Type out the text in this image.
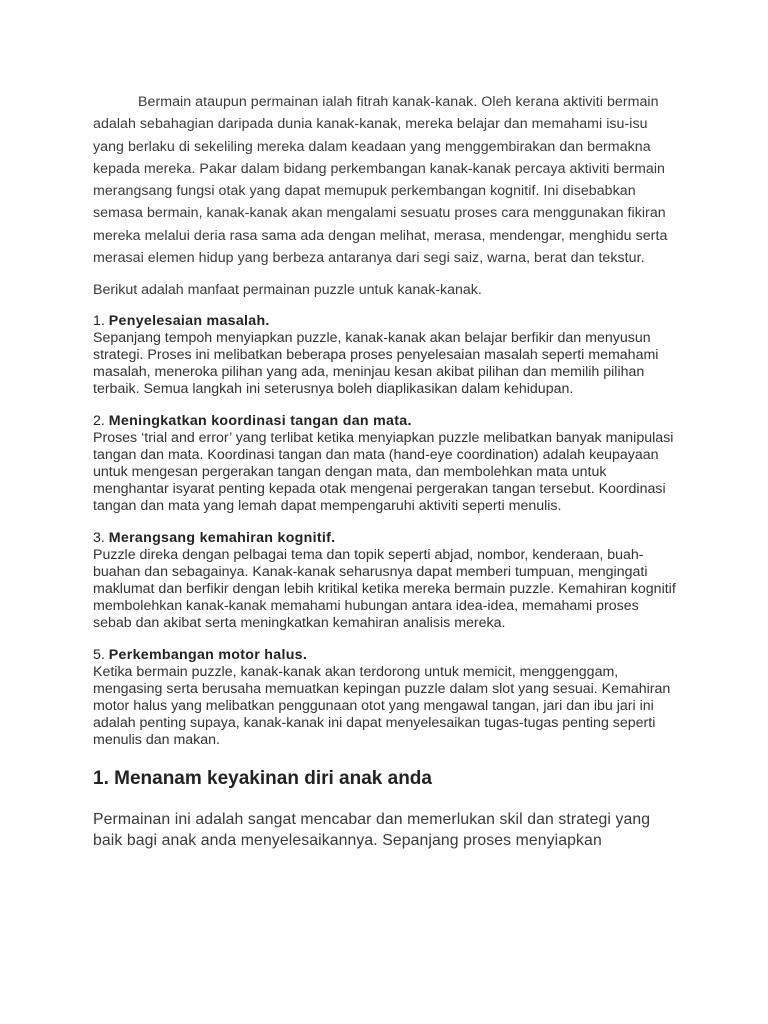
Bermain ataupun permainan ialah fitrah kanak-kanak. Oleh kerana aktiviti bermain adalah sebahagian daripada dunia kanak-kanak, mereka belajar dan memahami isu-isu yang berlaku di sekeliling mereka dalam keadaan yang menggembirakan dan bermakna kepada mereka. Pakar dalam bidang perkembangan kanak-kanak percaya aktiviti bermain merangsang fungsi otak yang dapat memupuk perkembangan kognitif. Ini disebabkan semasa bermain, kanak-kanak akan mengalami sesuatu proses cara menggunakan fikiran mereka melalui deria rasa sama ada dengan melihat, merasa, mendengar, menghidu serta merasai elemen hidup yang berbeza antaranya dari segi saiz, warna, berat dan tekstur.

Berikut adalah manfaat permainan puzzle untuk kanak-kanak.

1. Penyelesaian masalah.

Sepanjang tempoh menyiapkan puzzle, kanak-kanak akan belajar berfikir dan menyusun strategi. Proses ini melibatkan beberapa proses penyelesaian masalah seperti memahami masalah, meneroka pilihan yang ada, meninjau kesan akibat pilihan dan memilih pilihan terbaik. Semua langkah ini seterusnya boleh diaplikasikan dalam kehidupan.

2. Meningkatkan koordinasi tangan dan mata.

Proses ‘trial and error’ yang terlibat ketika menyiapkan puzzle melibatkan banyak manipulasi tangan dan mata. Koordinasi tangan dan mata (hand-eye coordination) adalah keupayaan untuk mengesan pergerakan tangan dengan mata, dan membolehkan mata untuk menghantar isyarat penting kepada otak mengenai pergerakan tangan tersebut. Koordinasi tangan dan mata yang lemah dapat mempengaruhi aktiviti seperti menulis.

3. Merangsang kemahiran kognitif.

Puzzle direka dengan pelbagai tema dan topik seperti abjad, nombor, kenderaan, buah-buahan dan sebagainya. Kanak-kanak seharusnya dapat memberi tumpuan, mengingati maklumat dan berfikir dengan lebih kritikal ketika mereka bermain puzzle. Kemahiran kognitif membolehkan kanak-kanak memahami hubungan antara idea-idea, memahami proses sebab dan akibat serta meningkatkan kemahiran analisis mereka.

5. Perkembangan motor halus.

Ketika bermain puzzle, kanak-kanak akan terdorong untuk memicit, menggenggam, mengasing serta berusaha memuatkan kepingan puzzle dalam slot yang sesuai. Kemahiran motor halus yang melibatkan penggunaan otot yang mengawal tangan, jari dan ibu jari ini adalah penting supaya, kanak-kanak ini dapat menyelesaikan tugas-tugas penting seperti menulis dan makan.

1. Menanam keyakinan diri anak anda

Permainan ini adalah sangat mencabar dan memerlukan skil dan strategi yang baik bagi anak anda menyelesaikannya. Sepanjang proses menyiapkan
